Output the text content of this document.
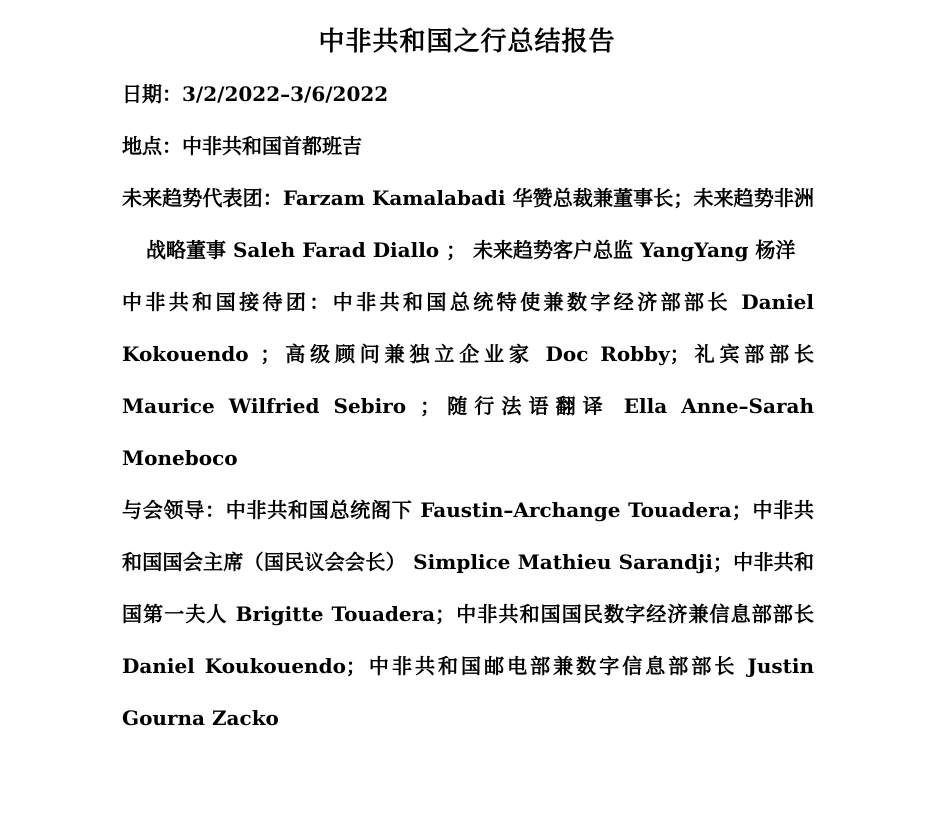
中非共和国之行总结报告

日期：3/2/2022–3/6/2022

地点：中非共和国首都班吉

未来趋势代表团：Farzam Kamalabadi 华赞总裁兼董事长；未来趋势非洲战略董事 Saleh Farad Diallo ； 未来趋势客户总监 YangYang 杨洋

中非共和国接待团：中非共和国总统特使兼数字经济部部长 Daniel Kokouendo ；高级顾问兼独立企业家 Doc Robby；礼宾部部长 Maurice Wilfried Sebiro ；随行法语翻译 Ella Anne–Sarah Moneboco

与会领导：中非共和国总统阁下 Faustin–Archange Touadera；中非共和国国会主席（国民议会会长） Simplice Mathieu Sarandji；中非共和国第一夫人 Brigitte Touadera；中非共和国国民数字经济兼信息部部长 Daniel Koukouendo；中非共和国邮电部兼数字信息部部长 Justin Gourna Zacko
